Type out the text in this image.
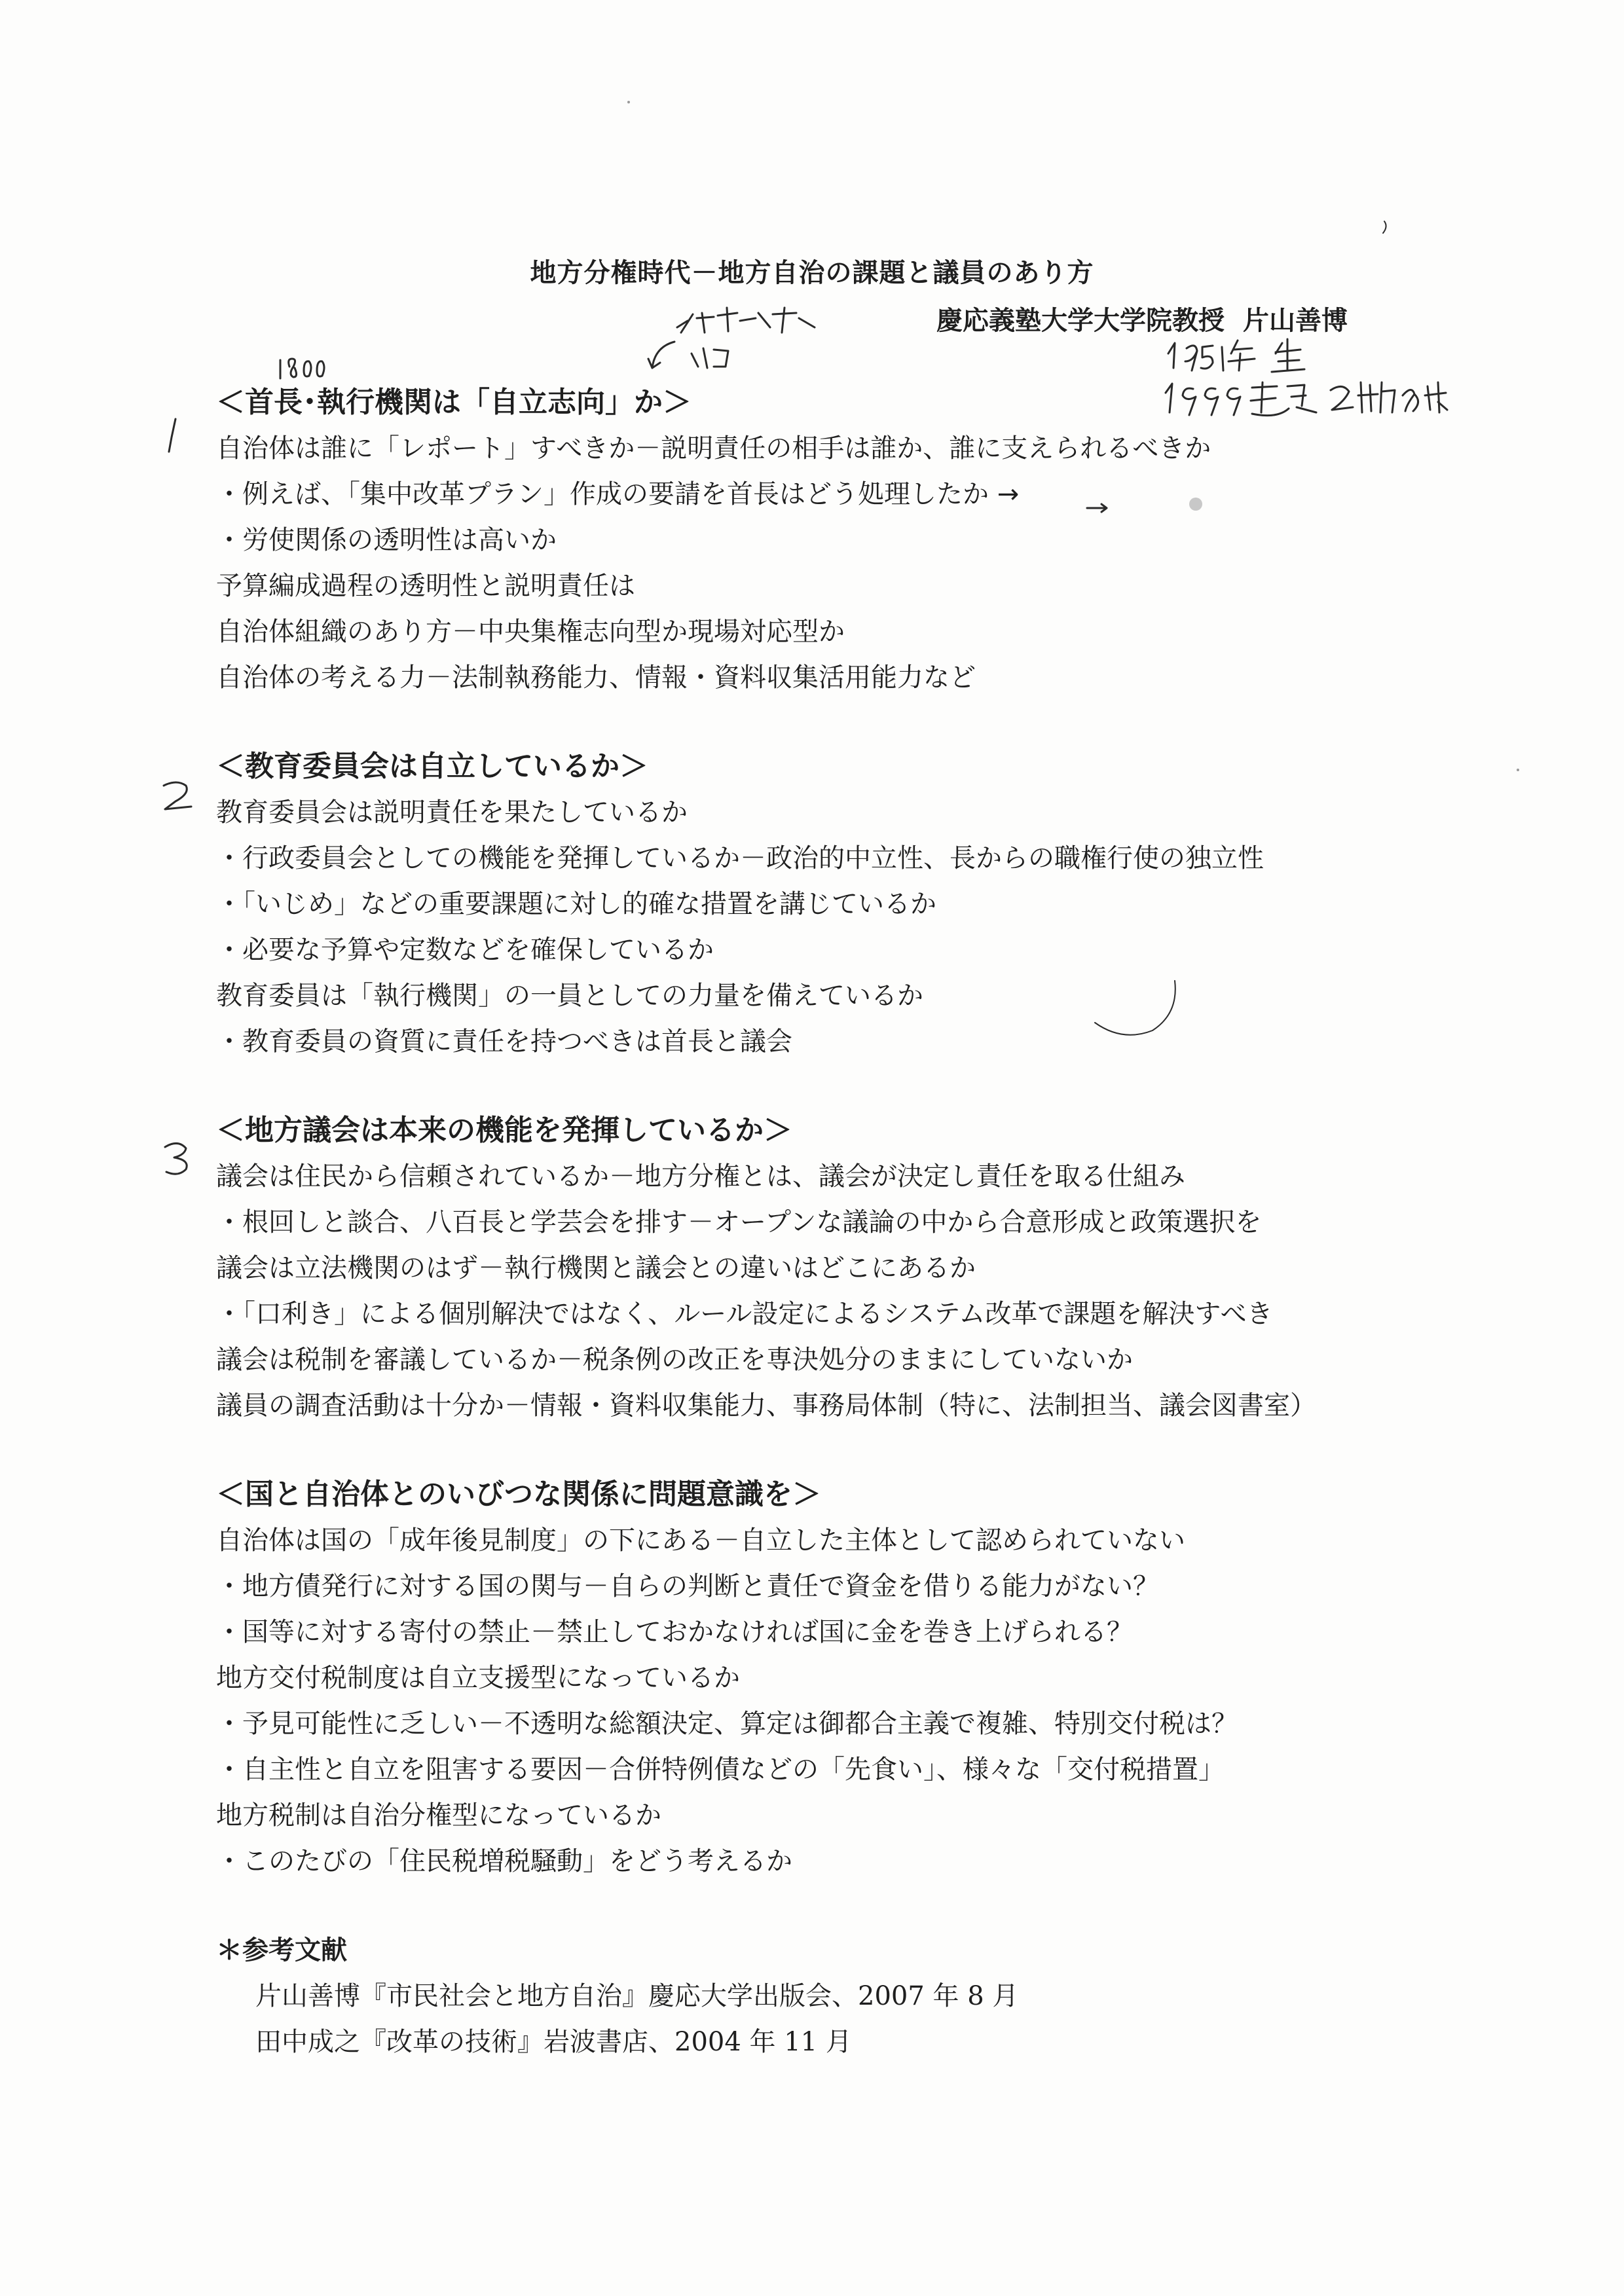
地方分権時代－地方自治の課題と議員のあり方
慶応義塾大学大学院教授 片山善博
＜首長･執行機関は「自立志向」か＞
自治体は誰に「レポート」すべきか－説明責任の相手は誰か、誰に支えられるべきか
・例えば、「集中改革プラン」作成の要請を首長はどう処理したか →
・労使関係の透明性は高いか
予算編成過程の透明性と説明責任は
自治体組織のあり方－中央集権志向型か現場対応型か
自治体の考える力－法制執務能力、情報・資料収集活用能力など
＜教育委員会は自立しているか＞
教育委員会は説明責任を果たしているか
・行政委員会としての機能を発揮しているか－政治的中立性、長からの職権行使の独立性
・「いじめ」などの重要課題に対し的確な措置を講じているか
・必要な予算や定数などを確保しているか
教育委員は「執行機関」の一員としての力量を備えているか
・教育委員の資質に責任を持つべきは首長と議会
＜地方議会は本来の機能を発揮しているか＞
議会は住民から信頼されているか－地方分権とは、議会が決定し責任を取る仕組み
・根回しと談合、八百長と学芸会を排す－オープンな議論の中から合意形成と政策選択を
議会は立法機関のはず－執行機関と議会との違いはどこにあるか
・「口利き」による個別解決ではなく、ルール設定によるシステム改革で課題を解決すべき
議会は税制を審議しているか－税条例の改正を専決処分のままにしていないか
議員の調査活動は十分か－情報・資料収集能力、事務局体制（特に、法制担当、議会図書室）
＜国と自治体とのいびつな関係に問題意識を＞
自治体は国の「成年後見制度」の下にある－自立した主体として認められていない
・地方債発行に対する国の関与－自らの判断と責任で資金を借りる能力がない？
・国等に対する寄付の禁止－禁止しておかなければ国に金を巻き上げられる？
地方交付税制度は自立支援型になっているか
・予見可能性に乏しい－不透明な総額決定、算定は御都合主義で複雑、特別交付税は？
・自主性と自立を阻害する要因－合併特例債などの「先食い」、様々な「交付税措置」
地方税制は自治分権型になっているか
・このたびの「住民税増税騒動」をどう考えるか
＊参考文献
片山善博『市民社会と地方自治』慶応大学出版会、2007 年 8 月
田中成之『改革の技術』岩波書店、2004 年 11 月
